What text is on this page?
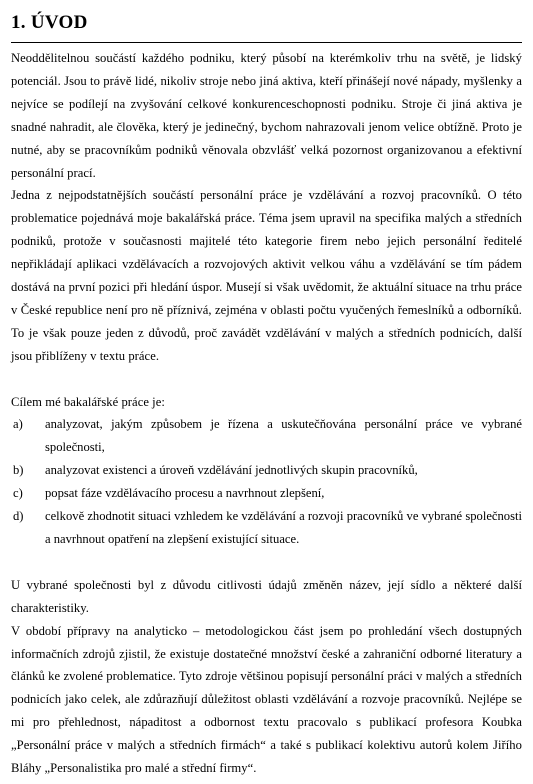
1. ÚVOD

Neoddělitelnou součástí každého podniku, který působí na kterémkoliv trhu na světě, je lidský potenciál. Jsou to právě lidé, nikoliv stroje nebo jiná aktiva, kteří přinášejí nové nápady, myšlenky a nejvíce se podílejí na zvyšování celkové konkurenceschopnosti podniku. Stroje či jiná aktiva je snadné nahradit, ale člověka, který je jedinečný, bychom nahrazovali jenom velice obtížně. Proto je nutné, aby se pracovníkům podniků věnovala obzvlášť velká pozornost organizovanou a efektivní personální prací.

Jedna z nejpodstatnějších součástí personální práce je vzdělávání a rozvoj pracovníků. O této problematice pojednává moje bakalářská práce. Téma jsem upravil na specifika malých a středních podniků, protože v současnosti majitelé této kategorie firem nebo jejich personální ředitelé nepřikládají aplikaci vzdělávacích a rozvojových aktivit velkou váhu a vzdělávání se tím pádem dostává na první pozici při hledání úspor. Musejí si však uvědomit, že aktuální situace na trhu práce v České republice není pro ně příznivá, zejména v oblasti počtu vyučených řemeslníků a odborníků. To je však pouze jeden z důvodů, proč zavádět vzdělávání v malých a středních podnicích, další jsou přiblíženy v textu práce.

Cílem mé bakalářské práce je:

a)	analyzovat, jakým způsobem je řízena a uskutečňována personální práce ve vybrané společnosti,
b)	analyzovat existenci a úroveň vzdělávání jednotlivých skupin pracovníků,
c)	popsat fáze vzdělávacího procesu a navrhnout zlepšení,
d)	celkově zhodnotit situaci vzhledem ke vzdělávání a rozvoji pracovníků ve vybrané společnosti a navrhnout opatření na zlepšení existující situace.

U vybrané společnosti byl z důvodu citlivosti údajů změněn název, její sídlo a některé další charakteristiky.

V období přípravy na analyticko – metodologickou část jsem po prohledání všech dostupných informačních zdrojů zjistil, že existuje dostatečné množství české a zahraniční odborné literatury a článků ke zvolené problematice. Tyto zdroje většinou popisují personální práci v malých a středních podnicích jako celek, ale zdůrazňují důležitost oblasti vzdělávání a rozvoje pracovníků. Nejlépe se mi pro přehlednost, nápaditost a odbornost textu pracovalo s publikací profesora Koubka „Personální práce v malých a středních firmách“ a také s publikací kolektivu autorů kolem Jiřího Bláhy „Personalistika pro malé a střední firmy“.
